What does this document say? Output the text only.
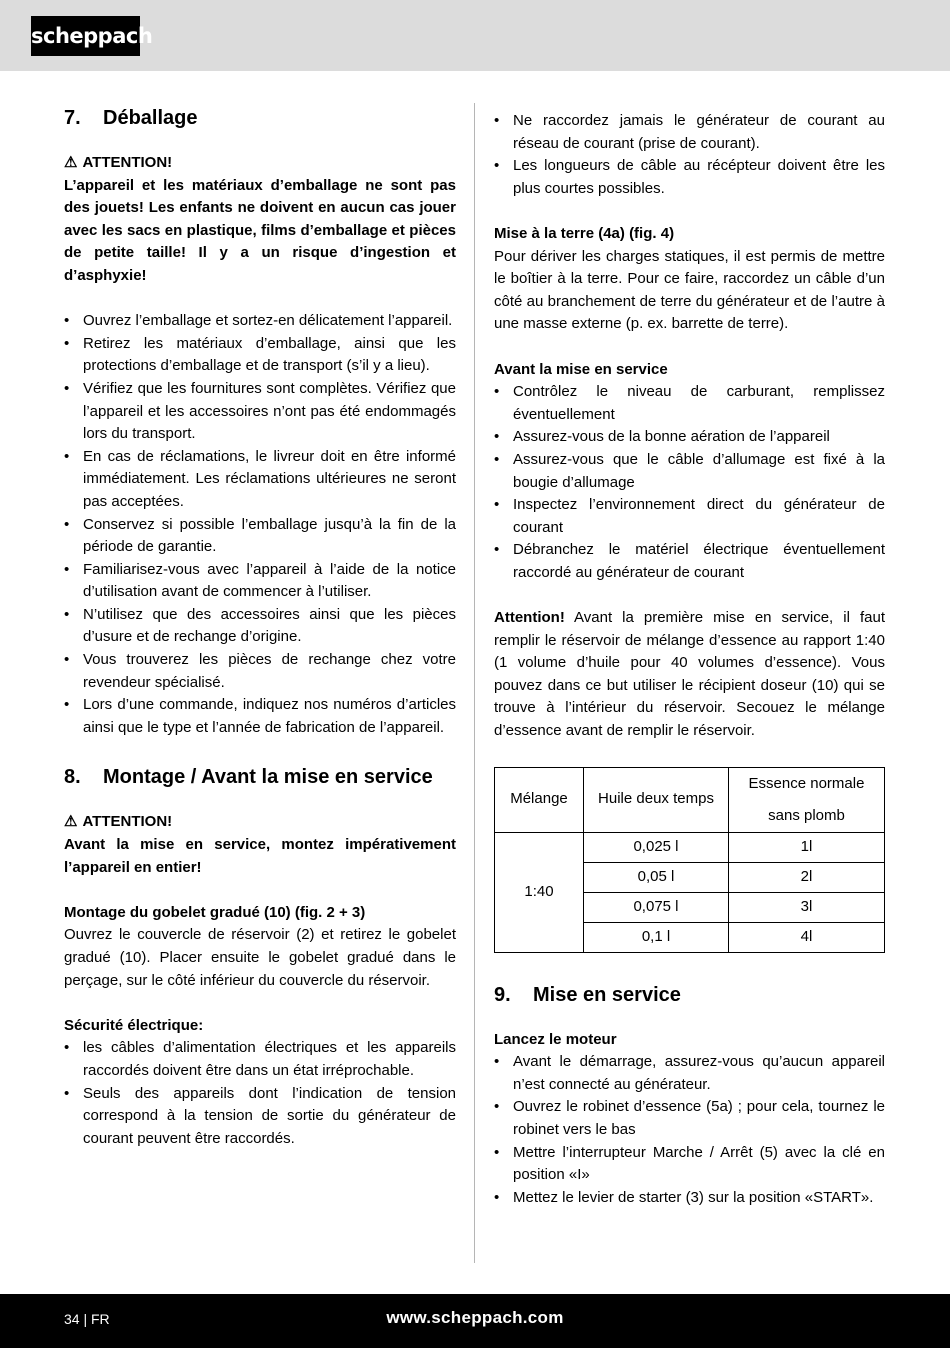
scheppach
7.	Déballage

⚠ ATTENTION!

L’appareil et les matériaux d’emballage ne sont pas des jouets! Les enfants ne doivent en aucun cas jouer avec les sacs en plastique, films d’emballage et pièces de petite taille! Il y a un risque d’ingestion et d’asphyxie!

• Ouvrez l’emballage et sortez-en délicatement l’appareil.
• Retirez les matériaux d’emballage, ainsi que les protections d’emballage et de transport (s’il y a lieu).
• Vérifiez que les fournitures sont complètes. Vérifiez que l’appareil et les accessoires n’ont pas été endommagés lors du transport.
• En cas de réclamations, le livreur doit en être informé immédiatement. Les réclamations ultérieures ne seront pas acceptées.
• Conservez si possible l’emballage jusqu’à la fin de la période de garantie.
• Familiarisez-vous avec l’appareil à l’aide de la notice d’utilisation avant de commencer à l’utiliser.
• N’utilisez que des accessoires ainsi que les pièces d’usure et de rechange d’origine.
• Vous trouverez les pièces de rechange chez votre revendeur spécialisé.
• Lors d’une commande, indiquez nos numéros d’articles ainsi que le type et l’année de fabrication de l’appareil.
8.	Montage / Avant la mise en service

⚠ ATTENTION!

Avant la mise en service, montez impérativement l’appareil en entier!

Montage du gobelet gradué (10) (fig. 2 + 3)

Ouvrez le couvercle de réservoir (2) et retirez le gobelet gradué (10). Placer ensuite le gobelet gradué dans le perçage, sur le côté inférieur du couvercle du réservoir.

Sécurité électrique:

• les câbles d’alimentation électriques et les appareils raccordés doivent être dans un état irréprochable.
• Seuls des appareils dont l’indication de tension correspond à la tension de sortie du générateur de courant peuvent être raccordés.
• Ne raccordez jamais le générateur de courant au réseau de courant (prise de courant).
• Les longueurs de câble au récépteur doivent être les plus courtes possibles.

Mise à la terre (4a) (fig. 4)

Pour dériver les charges statiques, il est permis de mettre le boîtier à la terre. Pour ce faire, raccordez un câble d’un côté au branchement de terre du générateur et de l’autre à une masse externe (p. ex. barrette de terre).

Avant la mise en service

• Contrôlez le niveau de carburant, remplissez éventuellement
• Assurez-vous de la bonne aération de l’appareil
• Assurez-vous que le câble d’allumage est fixé à la bougie d’allumage
• Inspectez l’environnement direct du générateur de courant
• Débranchez le matériel électrique éventuellement raccordé au générateur de courant

Attention! Avant la première mise en service, il faut remplir le réservoir de mélange d’essence au rapport 1:40 (1 volume d’huile pour 40 volumes d’essence). Vous pouvez dans ce but utiliser le récipient doseur (10) qui se trouve à l’intérieur du réservoir. Secouez le mélange d’essence avant de remplir le réservoir.

Mélange	Huile deux temps	Essence normale
sans plomb

1:40	0,025 l	1l
	0,05 l	2l
	0,075 l	3l
	0,1 l	4l
9.	Mise en service

Lancez le moteur

• Avant le démarrage, assurez-vous qu’aucun appareil n’est connecté au générateur.
• Ouvrez le robinet d’essence (5a) ; pour cela, tournez le robinet vers le bas
• Mettre l’interrupteur Marche / Arrêt (5) avec la clé en position «I»
• Mettez le levier de starter (3) sur la position «START».
34 | FR	www.scheppach.com
